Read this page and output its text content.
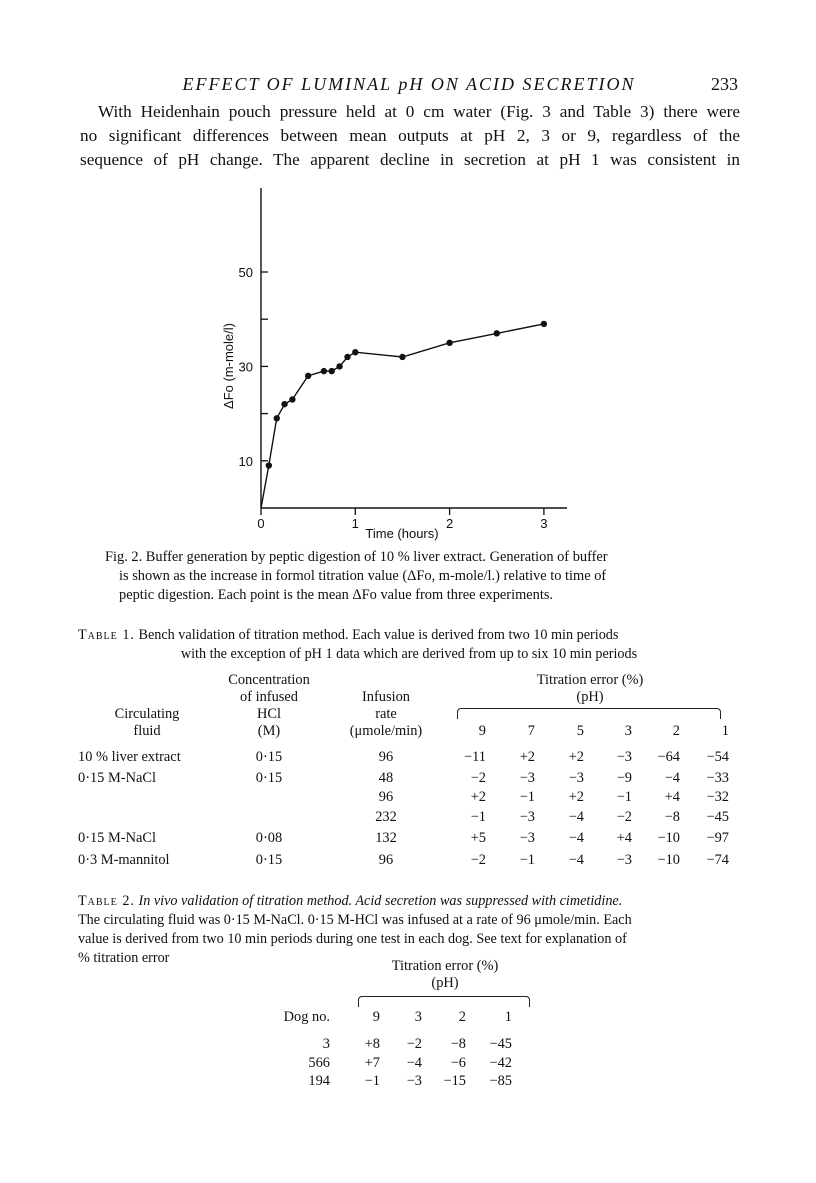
EFFECT OF LUMINAL pH ON ACID SECRETION	233
With Heidenhain pouch pressure held at 0 cm water (Fig. 3 and Table 3) there were
no significant differences between mean outputs at pH 2, 3 or 9, regardless of the
sequence of pH change. The apparent decline in secretion at pH 1 was consistent in
0	1	2	3
10
30
50
Time (hours)
ΔFo (m-mole/l)
Fig. 2. Buffer generation by peptic digestion of 10 % liver extract. Generation of buffer
is shown as the increase in formol titration value (ΔFo, m-mole/l.) relative to time of
peptic digestion. Each point is the mean ΔFo value from three experiments.
Table 1. Bench validation of titration method. Each value is derived from two 10 min periods
with the exception of pH 1 data which are derived from up to six 10 min periods
Circulating
fluid
Concentration
of infused
HCl
(M)
Infusion
rate
(μmole/min)
Titration error (%)
(pH)
9	7	5	3	2	1
10 % liver extract	0·15	96	−11	+2	+2	−3	−64	−54
0·15 M-NaCl	0·15	48	−2	−3	−3	−9	−4	−33
96	+2	−1	+2	−1	+4	−32
232	−1	−3	−4	−2	−8	−45
0·15 M-NaCl	0·08	132	+5	−3	−4	+4	−10	−97
0·3 M-mannitol	0·15	96	−2	−1	−4	−3	−10	−74
Table 2. In vivo validation of titration method. Acid secretion was suppressed with cimetidine.
The circulating fluid was 0·15 M-NaCl. 0·15 M-HCl was infused at a rate of 96 μmole/min. Each
value is derived from two 10 min periods during one test in each dog. See text for explanation of
% titration error	Titration error (%)
(pH)
Dog no.	9	3	2	1
3	+8	−2	−8	−45
566	+7	−4	−6	−42
194	−1	−3	−15	−85
